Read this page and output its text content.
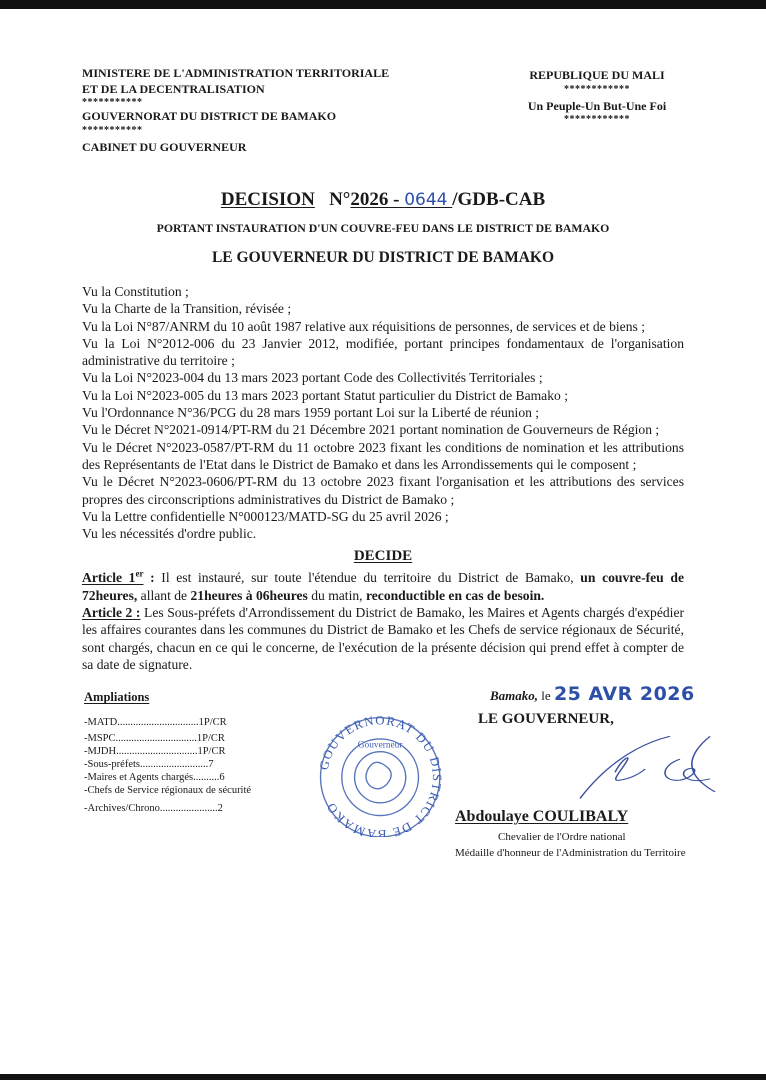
MINISTERE DE L'ADMINISTRATION TERRITORIALE
ET DE LA DECENTRALISATION
***********
GOUVERNORAT DU DISTRICT DE BAMAKO
***********
CABINET DU GOUVERNEUR
REPUBLIQUE DU MALI
************
Un Peuple-Un But-Une Foi
************
DECISION N°2026 - 0644 /GDB-CAB
PORTANT INSTAURATION D'UN COUVRE-FEU DANS LE DISTRICT DE BAMAKO
LE GOUVERNEUR DU DISTRICT DE BAMAKO

Vu la Constitution ;

Vu la Charte de la Transition, révisée ;

Vu la Loi N°87/ANRM du 10 août 1987 relative aux réquisitions de personnes, de services et de biens ;

Vu la Loi N°2012-006 du 23 Janvier 2012, modifiée, portant principes fondamentaux de l'organisation administrative du territoire ;

Vu la Loi N°2023-004 du 13 mars 2023 portant Code des Collectivités Territoriales ;

Vu la Loi N°2023-005 du 13 mars 2023 portant Statut particulier du District de Bamako ;

Vu l'Ordonnance N°36/PCG du 28 mars 1959 portant Loi sur la Liberté de réunion ;

Vu le Décret N°2021-0914/PT-RM du 21 Décembre 2021 portant nomination de Gouverneurs de Région ;

Vu le Décret N°2023-0587/PT-RM du 11 octobre 2023 fixant les conditions de nomination et les attributions des Représentants de l'Etat dans le District de Bamako et dans les Arrondissements qui le composent ;

Vu le Décret N°2023-0606/PT-RM du 13 octobre 2023 fixant l'organisation et les attributions des services propres des circonscriptions administratives du District de Bamako ;

Vu la Lettre confidentielle N°000123/MATD-SG du 25 avril 2026 ;

Vu les nécessités d'ordre public.

DECIDE

Article 1er : Il est instauré, sur toute l'étendue du territoire du District de Bamako, un couvre-feu de 72heures, allant de 21heures à 06heures du matin, reconductible en cas de besoin.

Article 2 : Les Sous-préfets d'Arrondissement du District de Bamako, les Maires et Agents chargés d'expédier les affaires courantes dans les communes du District de Bamako et les Chefs de service régionaux de Sécurité, sont chargés, chacun en ce qui le concerne, de l'exécution de la présente décision qui prend effet à compter de sa date de signature.

Ampliations
-MATD ............................... 1P/CR
-MSPC ............................... 1P/CR
-MJDH ............................... 1P/CR
-Sous-préfets .......................... 7
-Maires et Agents chargés .......... 6
-Chefs de Service régionaux de sécurité
-Archives/Chrono ...................... 2
GOUVERNORAT DU DISTRICT DE BAMAKO
Gouverneur
Bamako, le 25 AVR 2026
LE GOUVERNEUR,
Abdoulaye COULIBALY
Chevalier de l'Ordre national
Médaille d'honneur de l'Administration du Territoire
